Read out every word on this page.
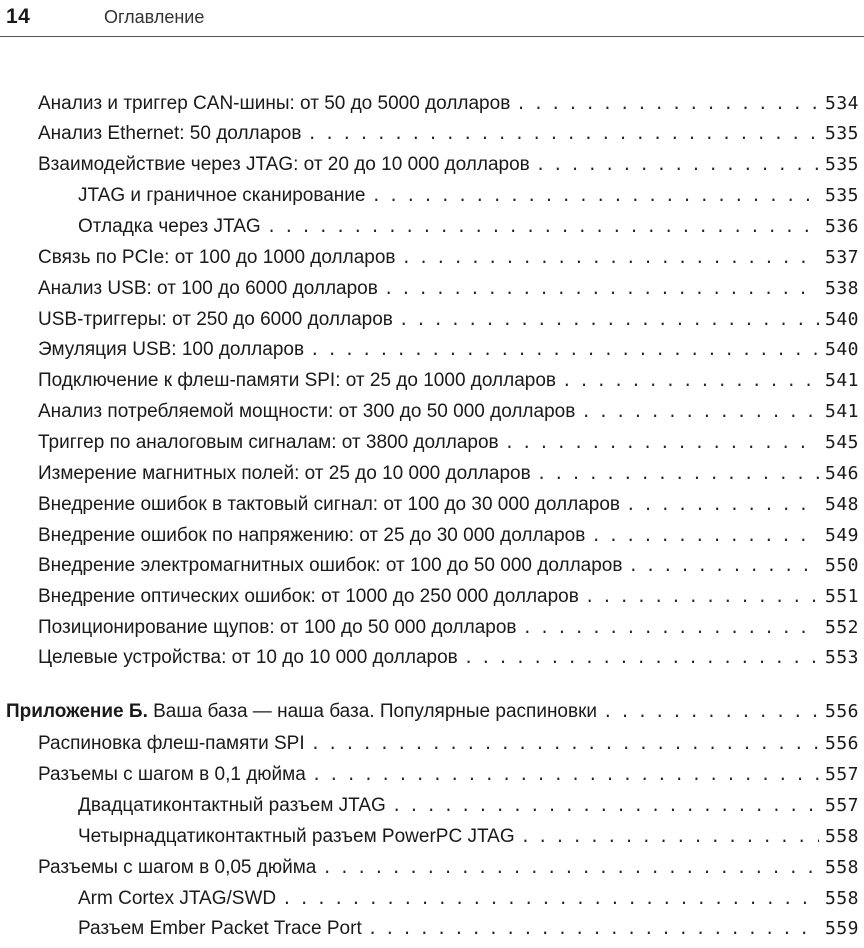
14	Оглавление
Анализ и триггер CAN-шины: от 50 до 5000 долларов . . .	534
Анализ Ethernet: 50 долларов . . .	535
Взаимодействие через JTAG: от 20 до 10 000 долларов . . .	535
JTAG и граничное сканирование . . .	535
Отладка через JTAG . . .	536
Связь по PCIe: от 100 до 1000 долларов . . .	537
Анализ USB: от 100 до 6000 долларов . . .	538
USB-триггеры: от 250 до 6000 долларов . . .	540
Эмуляция USB: 100 долларов . . .	540
Подключение к флеш-памяти SPI: от 25 до 1000 долларов . . .	541
Анализ потребляемой мощности: от 300 до 50 000 долларов . . .	541
Триггер по аналоговым сигналам: от 3800 долларов . . .	545
Измерение магнитных полей: от 25 до 10 000 долларов . . .	546
Внедрение ошибок в тактовый сигнал: от 100 до 30 000 долларов . . .	548
Внедрение ошибок по напряжению: от 25 до 30 000 долларов . . .	549
Внедрение электромагнитных ошибок: от 100 до 50 000 долларов . . .	550
Внедрение оптических ошибок: от 1000 до 250 000 долларов . . .	551
Позиционирование щупов: от 100 до 50 000 долларов . . .	552
Целевые устройства: от 10 до 10 000 долларов . . .	553
Приложение Б. Ваша база — наша база. Популярные распиновки . . .	556
Распиновка флеш-памяти SPI . . .	556
Разъемы с шагом в 0,1 дюйма . . .	557
Двадцатиконтактный разъем JTAG . . .	557
Четырнадцатиконтактный разъем PowerPC JTAG . . .	558
Разъемы с шагом в 0,05 дюйма . . .	558
Arm Cortex JTAG/SWD . . .	558
Разъем Ember Packet Trace Port . . .	559
